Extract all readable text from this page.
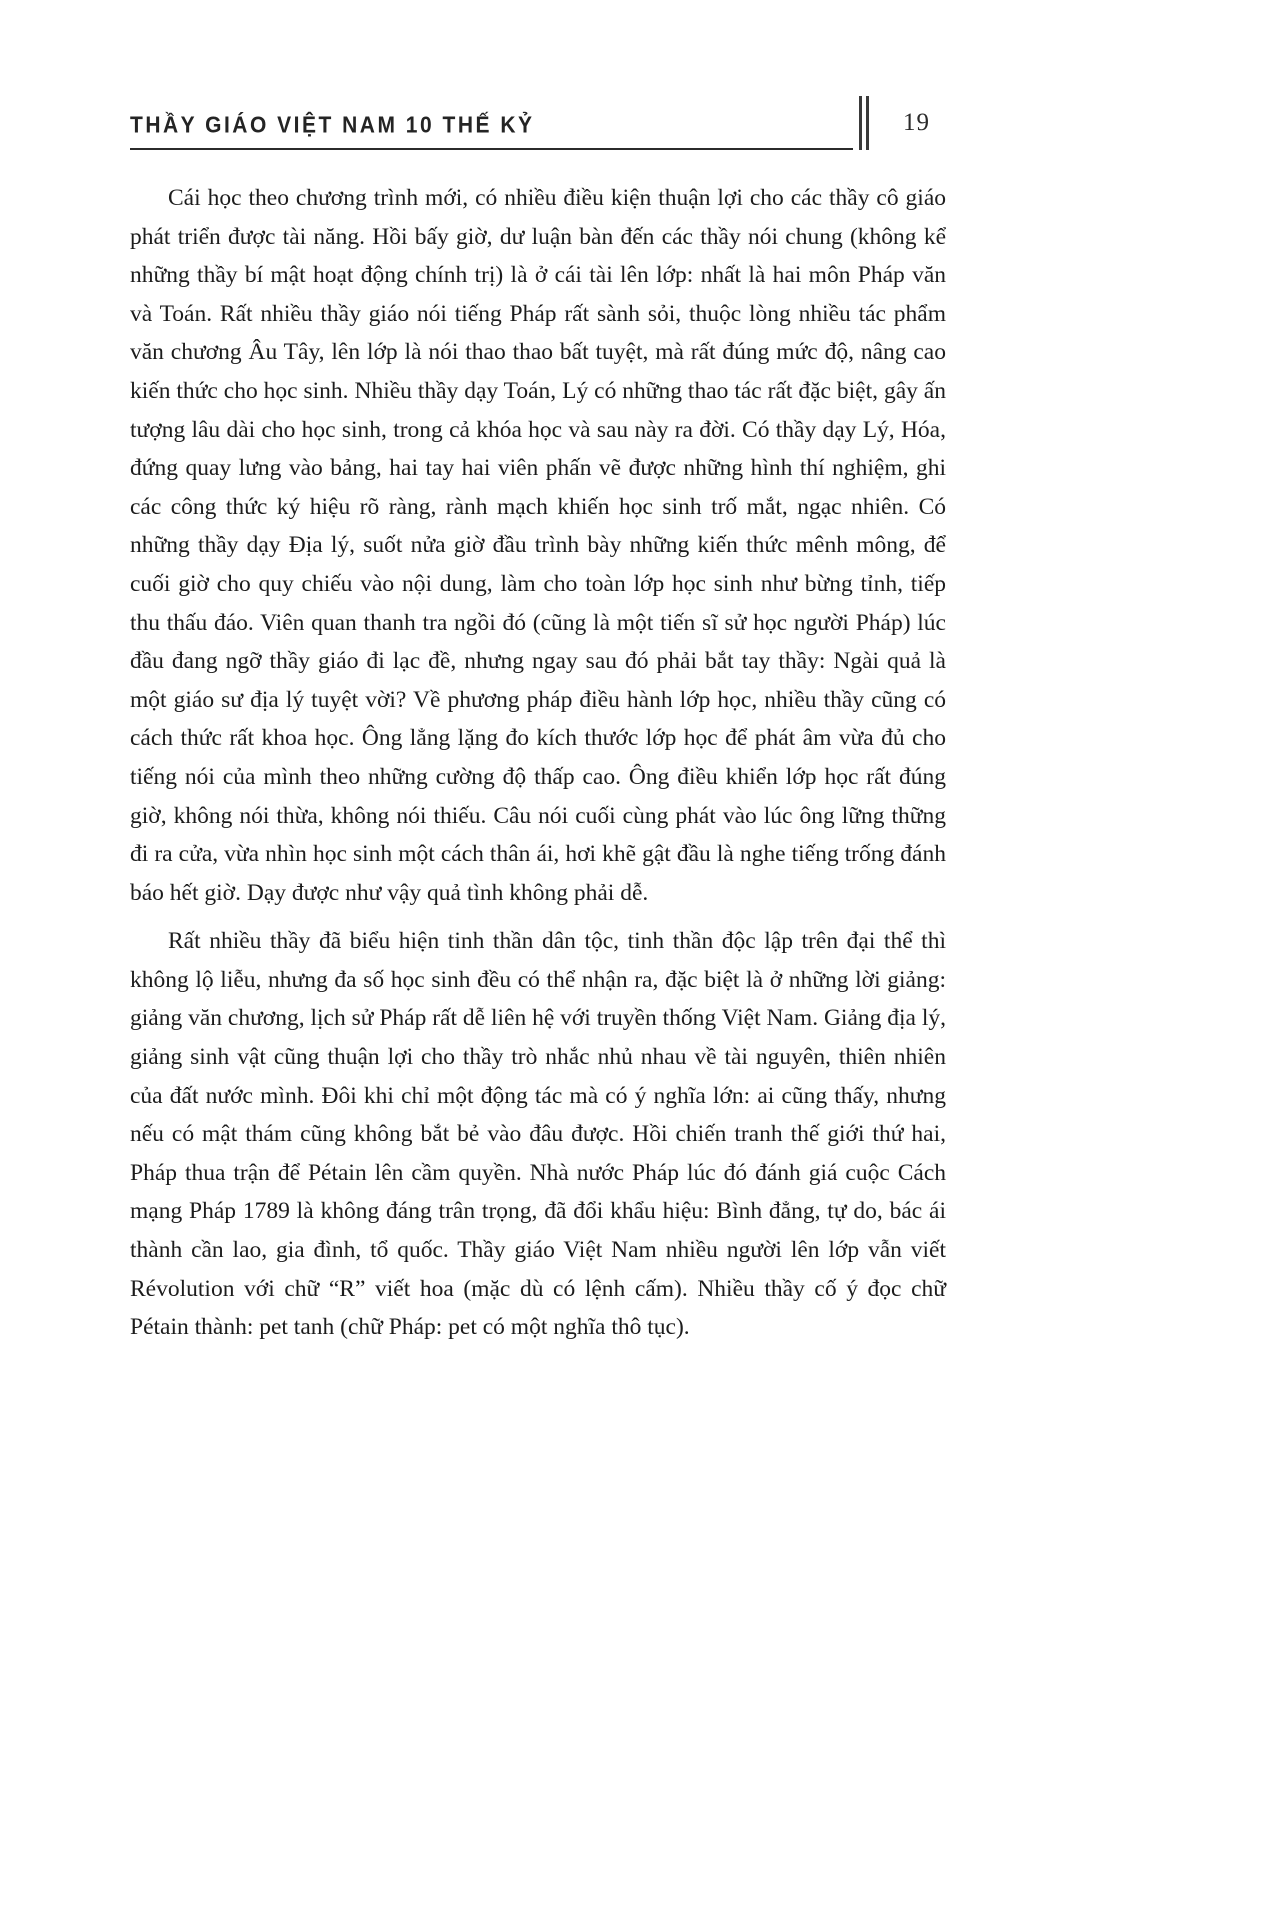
THẦY GIÁO VIỆT NAM 10 THẾ KỶ	19

Cái học theo chương trình mới, có nhiều điều kiện thuận lợi cho các thầy cô giáo phát triển được tài năng. Hồi bấy giờ, dư luận bàn đến các thầy nói chung (không kể những thầy bí mật hoạt động chính trị) là ở cái tài lên lớp: nhất là hai môn Pháp văn và Toán. Rất nhiều thầy giáo nói tiếng Pháp rất sành sỏi, thuộc lòng nhiều tác phẩm văn chương Âu Tây, lên lớp là nói thao thao bất tuyệt, mà rất đúng mức độ, nâng cao kiến thức cho học sinh. Nhiều thầy dạy Toán, Lý có những thao tác rất đặc biệt, gây ấn tượng lâu dài cho học sinh, trong cả khóa học và sau này ra đời. Có thầy dạy Lý, Hóa, đứng quay lưng vào bảng, hai tay hai viên phấn vẽ được những hình thí nghiệm, ghi các công thức ký hiệu rõ ràng, rành mạch khiến học sinh trố mắt, ngạc nhiên. Có những thầy dạy Địa lý, suốt nửa giờ đầu trình bày những kiến thức mênh mông, để cuối giờ cho quy chiếu vào nội dung, làm cho toàn lớp học sinh như bừng tỉnh, tiếp thu thấu đáo. Viên quan thanh tra ngồi đó (cũng là một tiến sĩ sử học người Pháp) lúc đầu đang ngỡ thầy giáo đi lạc đề, nhưng ngay sau đó phải bắt tay thầy: Ngài quả là một giáo sư địa lý tuyệt vời? Về phương pháp điều hành lớp học, nhiều thầy cũng có cách thức rất khoa học. Ông lẳng lặng đo kích thước lớp học để phát âm vừa đủ cho tiếng nói của mình theo những cường độ thấp cao. Ông điều khiển lớp học rất đúng giờ, không nói thừa, không nói thiếu. Câu nói cuối cùng phát vào lúc ông lững thững đi ra cửa, vừa nhìn học sinh một cách thân ái, hơi khẽ gật đầu là nghe tiếng trống đánh báo hết giờ. Dạy được như vậy quả tình không phải dễ.

Rất nhiều thầy đã biểu hiện tinh thần dân tộc, tinh thần độc lập trên đại thể thì không lộ liễu, nhưng đa số học sinh đều có thể nhận ra, đặc biệt là ở những lời giảng: giảng văn chương, lịch sử Pháp rất dễ liên hệ với truyền thống Việt Nam. Giảng địa lý, giảng sinh vật cũng thuận lợi cho thầy trò nhắc nhủ nhau về tài nguyên, thiên nhiên của đất nước mình. Đôi khi chỉ một động tác mà có ý nghĩa lớn: ai cũng thấy, nhưng nếu có mật thám cũng không bắt bẻ vào đâu được. Hồi chiến tranh thế giới thứ hai, Pháp thua trận để Pétain lên cầm quyền. Nhà nước Pháp lúc đó đánh giá cuộc Cách mạng Pháp 1789 là không đáng trân trọng, đã đổi khẩu hiệu: Bình đẳng, tự do, bác ái thành cần lao, gia đình, tổ quốc. Thầy giáo Việt Nam nhiều người lên lớp vẫn viết Révolution với chữ “R” viết hoa (mặc dù có lệnh cấm). Nhiều thầy cố ý đọc chữ Pétain thành: pet tanh (chữ Pháp: pet có một nghĩa thô tục).
